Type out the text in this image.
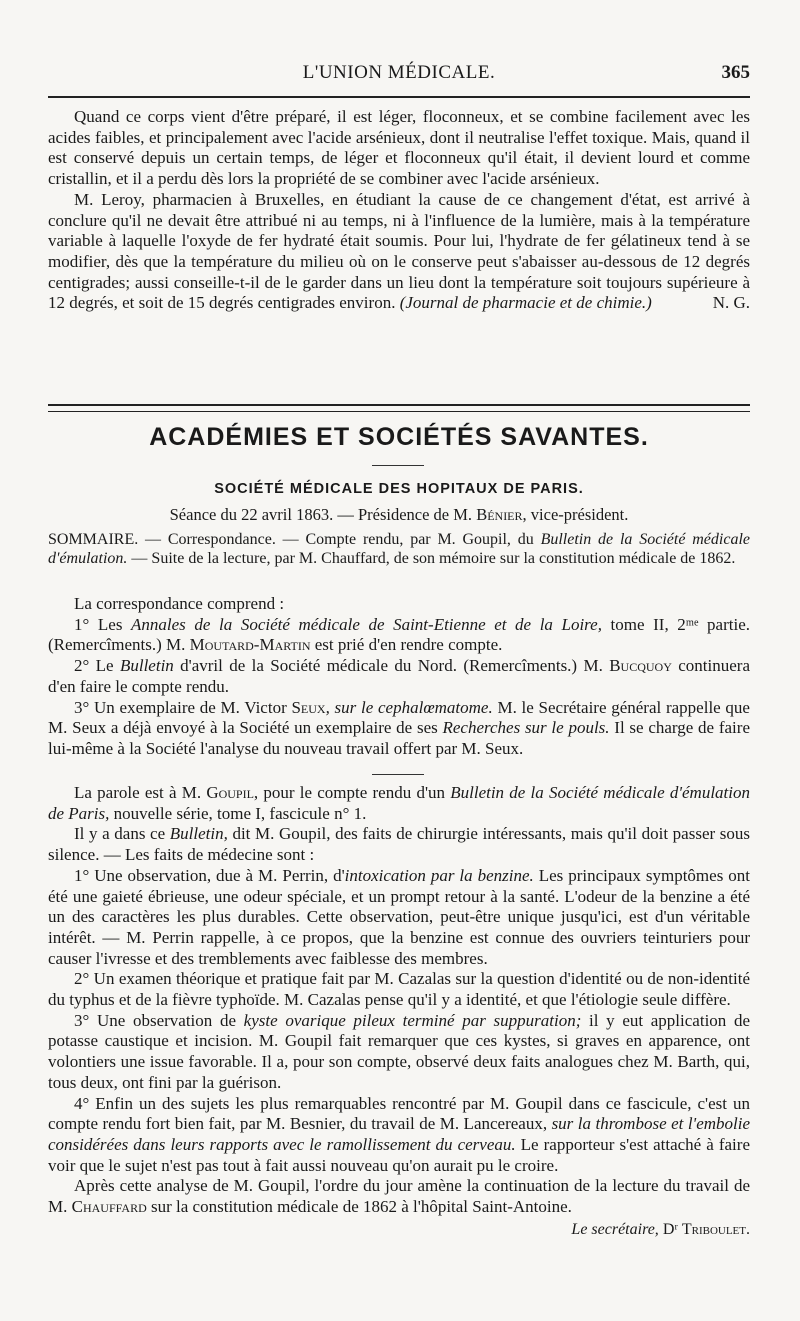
L'UNION MÉDICALE.	365

Quand ce corps vient d'être préparé, il est léger, floconneux, et se combine facilement avec les acides faibles, et principalement avec l'acide arsénieux, dont il neutralise l'effet toxique. Mais, quand il est conservé depuis un certain temps, de léger et floconneux qu'il était, il devient lourd et comme cristallin, et il a perdu dès lors la propriété de se combiner avec l'acide arsénieux.

M. Leroy, pharmacien à Bruxelles, en étudiant la cause de ce changement d'état, est arrivé à conclure qu'il ne devait être attribué ni au temps, ni à l'influence de la lumière, mais à la température variable à laquelle l'oxyde de fer hydraté était soumis. Pour lui, l'hydrate de fer gélatineux tend à se modifier, dès que la température du milieu où on le conserve peut s'abaisser au-dessous de 12 degrés centigrades; aussi conseille-t-il de le garder dans un lieu dont la température soit toujours supérieure à 12 degrés, et soit de 15 degrés centigrades environ. (Journal de pharmacie et de chimie.)	N. G.

ACADÉMIES ET SOCIÉTÉS SAVANTES.
SOCIÉTÉ MÉDICALE DES HOPITAUX DE PARIS.
Séance du 22 avril 1863. — Présidence de M. Bénier, vice-président.

SOMMAIRE. — Correspondance. — Compte rendu, par M. Goupil, du Bulletin de la Société médicale d'émulation. — Suite de la lecture, par M. Chauffard, de son mémoire sur la constitution médicale de 1862.

La correspondance comprend :

1° Les Annales de la Société médicale de Saint-Etienne et de la Loire, tome II, 2ᵐᵉ partie. (Remercîments.) M. Moutard-Martin est prié d'en rendre compte.

2° Le Bulletin d'avril de la Société médicale du Nord. (Remercîments.) M. Bucquoy continuera d'en faire le compte rendu.

3° Un exemplaire de M. Victor Seux, sur le cephalœmatome. M. le Secrétaire général rappelle que M. Seux a déjà envoyé à la Société un exemplaire de ses Recherches sur le pouls. Il se charge de faire lui-même à la Société l'analyse du nouveau travail offert par M. Seux.

La parole est à M. Goupil, pour le compte rendu d'un Bulletin de la Société médicale d'émulation de Paris, nouvelle série, tome I, fascicule n° 1.

Il y a dans ce Bulletin, dit M. Goupil, des faits de chirurgie intéressants, mais qu'il doit passer sous silence. — Les faits de médecine sont :

1° Une observation, due à M. Perrin, d'intoxication par la benzine. Les principaux symptômes ont été une gaieté ébrieuse, une odeur spéciale, et un prompt retour à la santé. L'odeur de la benzine a été un des caractères les plus durables. Cette observation, peut-être unique jusqu'ici, est d'un véritable intérêt. — M. Perrin rappelle, à ce propos, que la benzine est connue des ouvriers teinturiers pour causer l'ivresse et des tremblements avec faiblesse des membres.

2° Un examen théorique et pratique fait par M. Cazalas sur la question d'identité ou de non-identité du typhus et de la fièvre typhoïde. M. Cazalas pense qu'il y a identité, et que l'étiologie seule diffère.

3° Une observation de kyste ovarique pileux terminé par suppuration; il y eut application de potasse caustique et incision. M. Goupil fait remarquer que ces kystes, si graves en apparence, ont volontiers une issue favorable. Il a, pour son compte, observé deux faits analogues chez M. Barth, qui, tous deux, ont fini par la guérison.

4° Enfin un des sujets les plus remarquables rencontré par M. Goupil dans ce fascicule, c'est un compte rendu fort bien fait, par M. Besnier, du travail de M. Lancereaux, sur la thrombose et l'embolie considérées dans leurs rapports avec le ramollissement du cerveau. Le rapporteur s'est attaché à faire voir que le sujet n'est pas tout à fait aussi nouveau qu'on aurait pu le croire.

Après cette analyse de M. Goupil, l'ordre du jour amène la continuation de la lecture du travail de M. Chauffard sur la constitution médicale de 1862 à l'hôpital Saint-Antoine.

Le secrétaire, Dʳ Triboulet.
